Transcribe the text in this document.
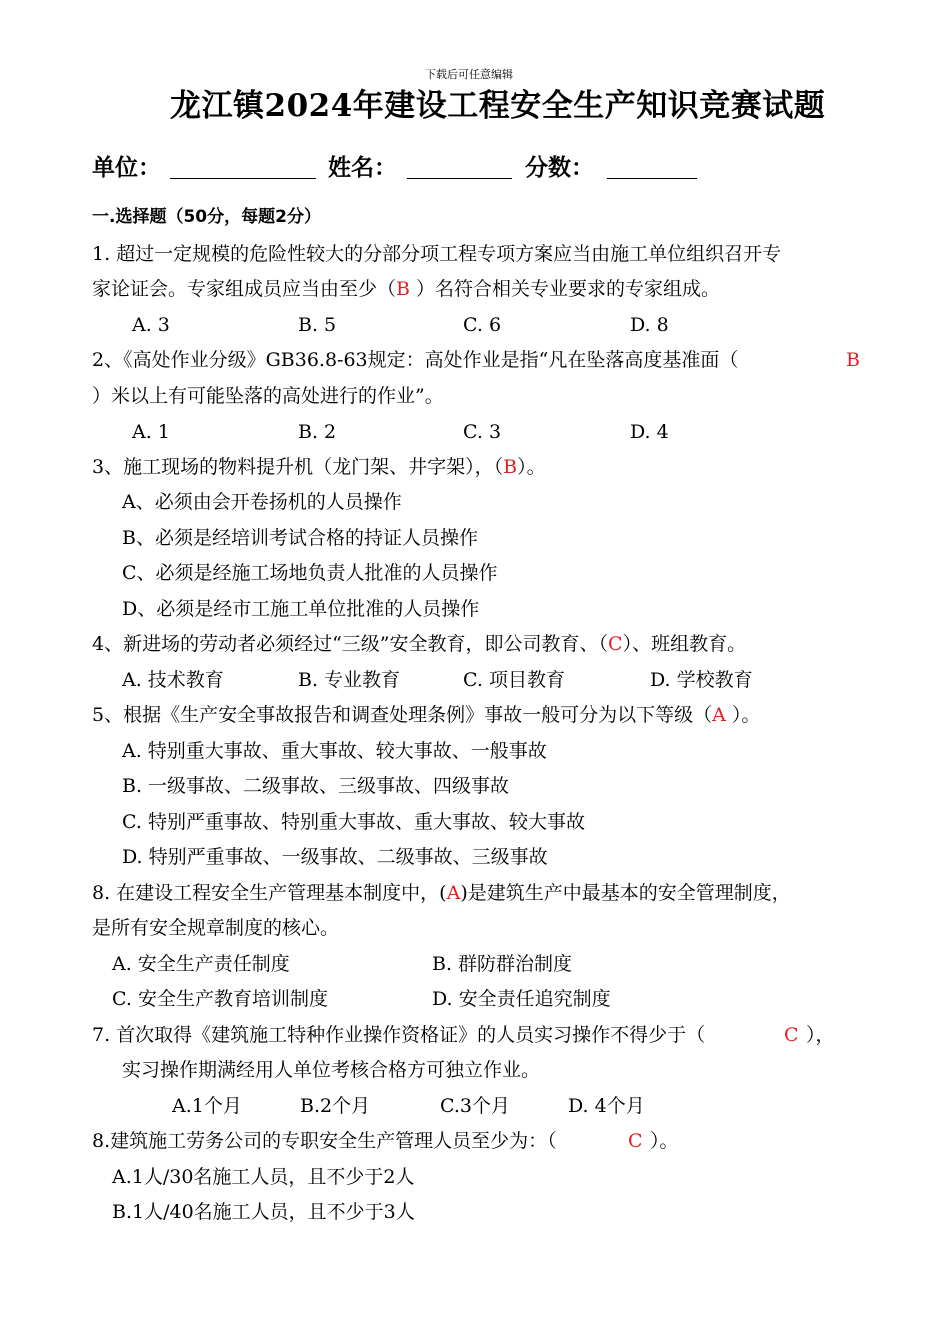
下载后可任意编辑
龙江镇2024年建设工程安全生产知识竞赛试题
单位：	姓名：	分数：
一.选择题（50分，每题2分）
1. 超过一定规模的危险性较大的分部分项工程专项方案应当由施工单位组织召开专
家论证会。专家组成员应当由至少（B ）名符合相关专业要求的专家组成。
A. 3	B. 5	C. 6	D. 8
2、《高处作业分级》GB36.8-63规定：高处作业是指“凡在坠落高度基准面（	B
）米以上有可能坠落的高处进行的作业”。
A. 1	B. 2	C. 3	D. 4
3、施工现场的物料提升机（龙门架、井字架），（B）。
A、必须由会开卷扬机的人员操作
B、必须是经培训考试合格的持证人员操作
C、必须是经施工场地负责人批准的人员操作
D、必须是经市工施工单位批准的人员操作
4、新进场的劳动者必须经过“三级”安全教育，即公司教育、（C）、班组教育。
A. 技术教育	B. 专业教育	C. 项目教育	D. 学校教育
5、根据《生产安全事故报告和调查处理条例》事故一般可分为以下等级（A ）。
A. 特别重大事故、重大事故、较大事故、一般事故
B. 一级事故、二级事故、三级事故、四级事故
C. 特别严重事故、特别重大事故、重大事故、较大事故
D. 特别严重事故、一级事故、二级事故、三级事故
8. 在建设工程安全生产管理基本制度中，(A)是建筑生产中最基本的安全管理制度，
是所有安全规章制度的核心。
A. 安全生产责任制度	B. 群防群治制度
C. 安全生产教育培训制度	D. 安全责任追究制度
7. 首次取得《建筑施工特种作业操作资格证》的人员实习操作不得少于（	C ），
实习操作期满经用人单位考核合格方可独立作业。
A.1个月	B.2个月	C.3个月	D. 4个月
8.建筑施工劳务公司的专职安全生产管理人员至少为：（	C ）。
A.1人/30名施工人员，且不少于2人
B.1人/40名施工人员，且不少于3人
